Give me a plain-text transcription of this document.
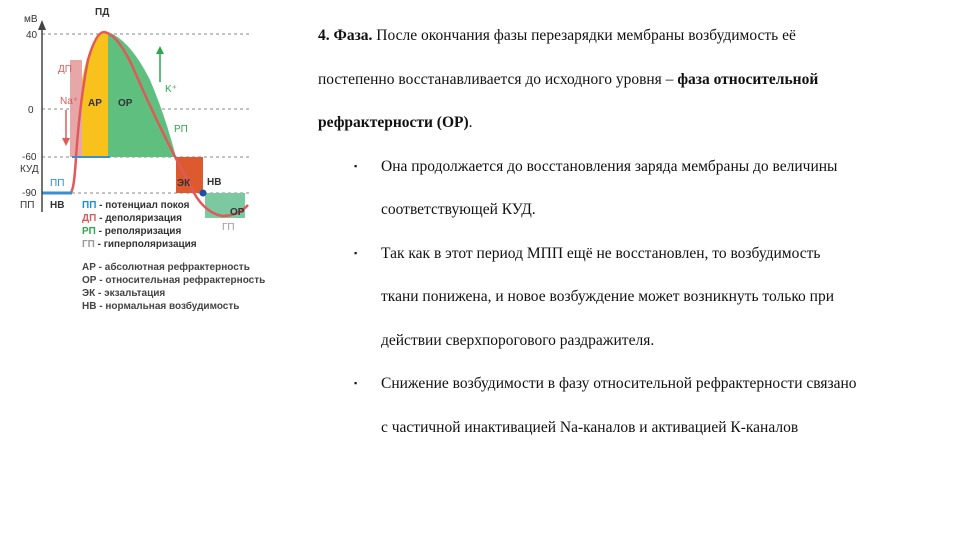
мВ
40
0
-60
КУД
-90
ПП
ПД
ДП
Na⁺ АР ОР
K⁺
РП
ЭК НВ
ОР
ГП
ПП
НВ ПП - потенциал покоя
ДП - деполяризация
РП - реполяризация
ГП - гиперполяризация
АР - абсолютная рефрактерность
ОР - относительная рефрактерность
ЭК - экзальтация
НВ - нормальная возбудимость
4. Фаза. После окончания фазы перезарядки мембраны возбудимость её
постепенно восстанавливается до исходного уровня – фаза относительной
рефрактерности (ОР).
▪ Она продолжается до восстановления заряда мембраны до величины
соответствующей КУД.
▪ Так как в этот период МПП ещё не восстановлен, то возбудимость
ткани понижена, и новое возбуждение может возникнуть только при
действии сверхпорогового раздражителя.
▪ Снижение возбудимости в фазу относительной рефрактерности связано
с частичной инактивацией Na-каналов и активацией К-каналов
